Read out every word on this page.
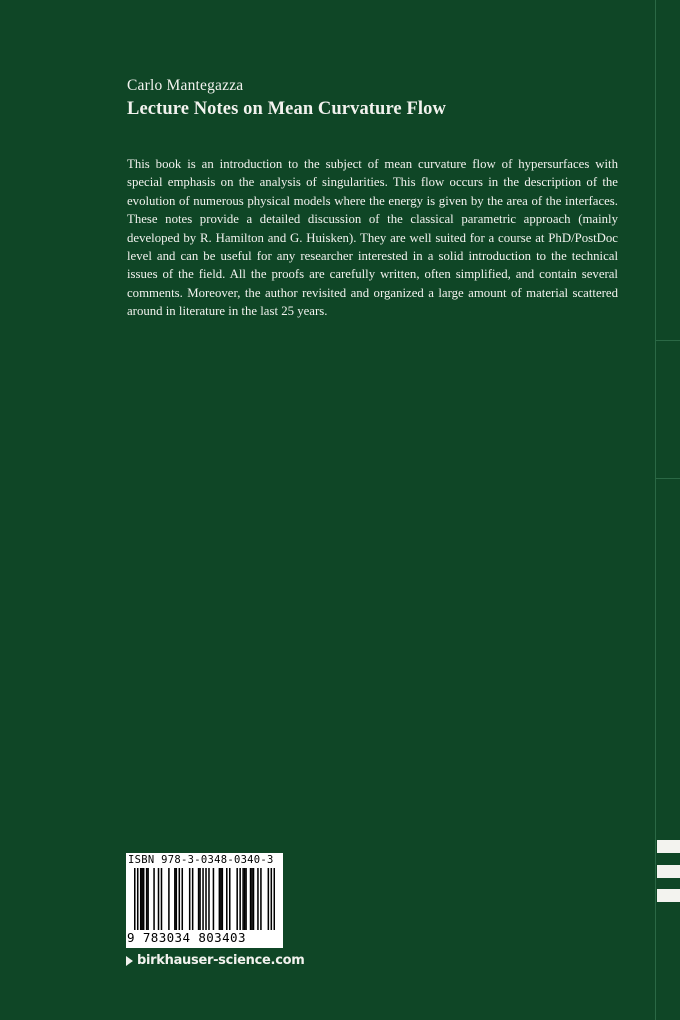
Carlo Mantegazza
Lecture Notes on Mean Curvature Flow
This book is an introduction to the subject of mean curvature flow of hypersurfaces with special emphasis on the analysis of singularities. This flow occurs in the description of the evolution of numerous physical models where the energy is given by the area of the interfaces. These notes provide a detailed discussion of the classical parametric approach (mainly developed by R. Hamilton and G. Huisken). They are well suited for a course at PhD/PostDoc level and can be useful for any researcher interested in a solid introduction to the technical issues of the field. All the proofs are carefully written, often simplified, and contain several comments. Moreover, the author revisited and organized a large amount of material scattered around in literature in the last 25 years.
ISBN 978-3-0348-0340-3
9 783034 803403
birkhauser-science.com
